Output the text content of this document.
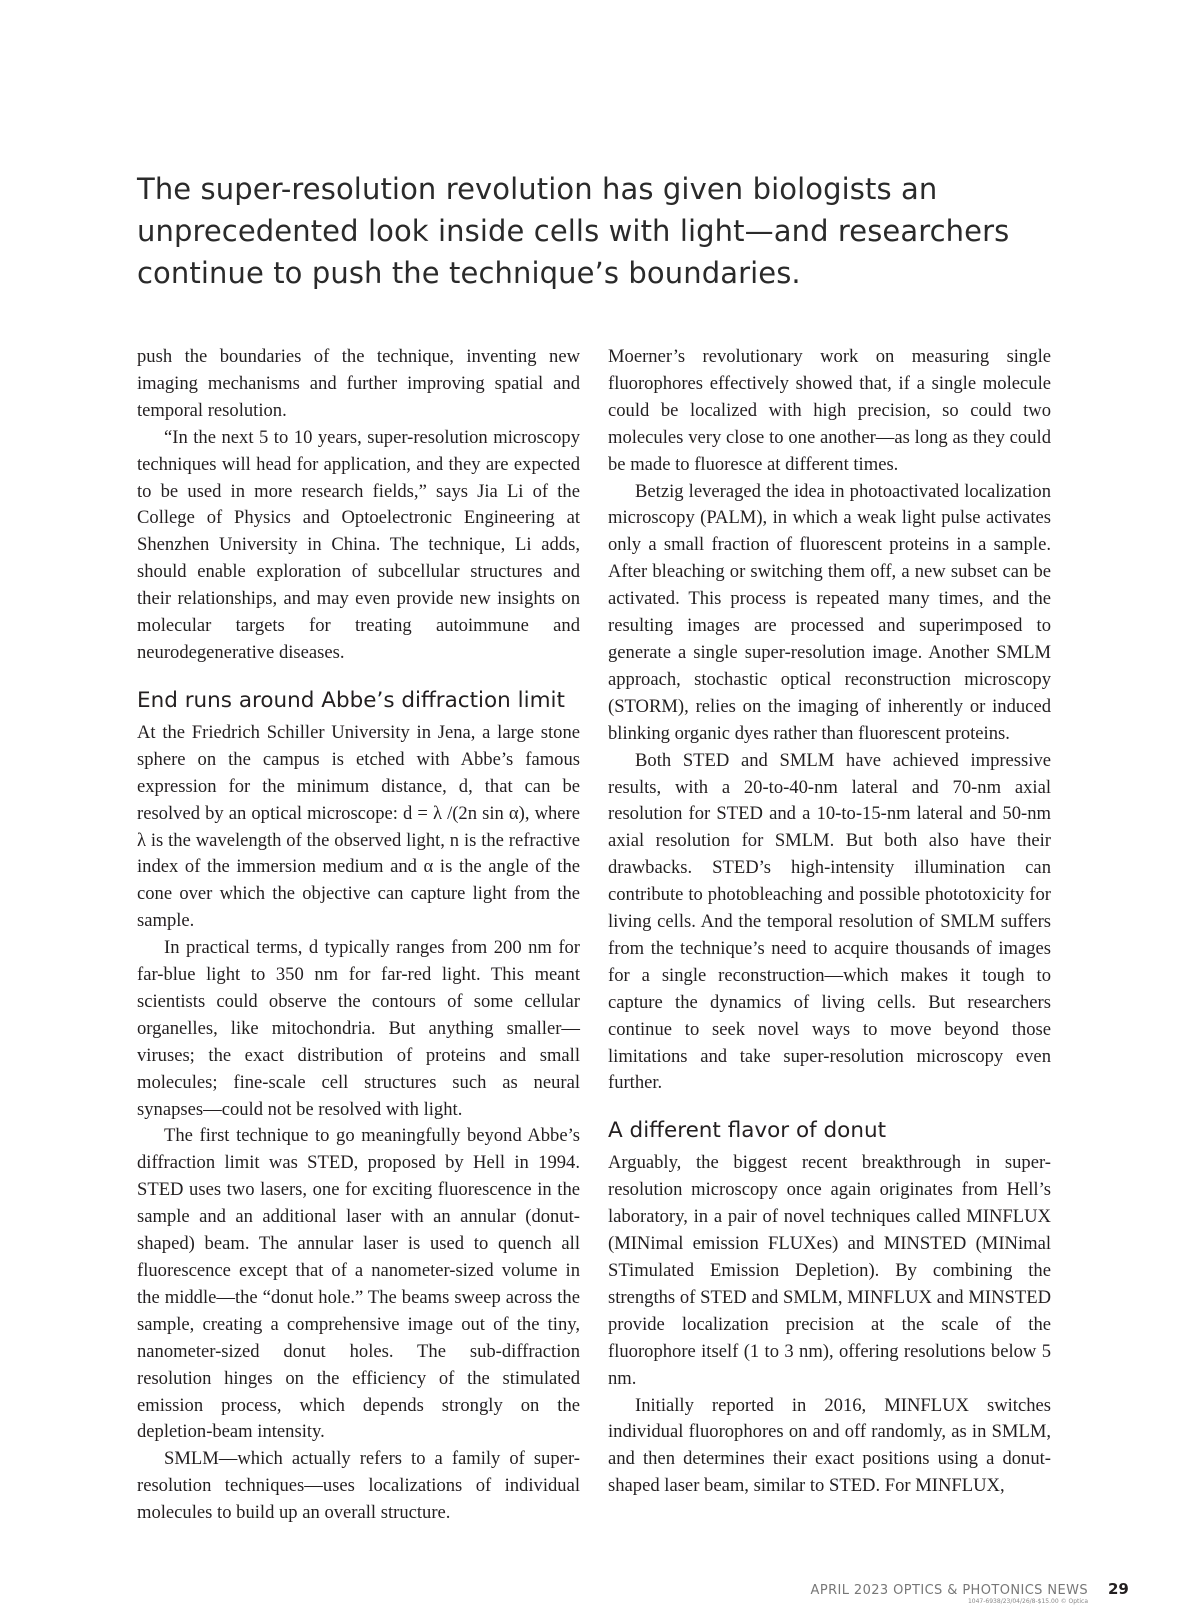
The super-resolution revolution has given biologists an unprecedented look inside cells with light—and researchers continue to push the technique’s boundaries.

push the boundaries of the technique, inventing new imaging mechanisms and further improving spatial and temporal resolution.

“In the next 5 to 10 years, super-resolution microscopy techniques will head for application, and they are expected to be used in more research fields,” says Jia Li of the College of Physics and Optoelectronic Engineering at Shenzhen University in China. The technique, Li adds, should enable exploration of subcellular structures and their relationships, and may even provide new insights on molecular targets for treating autoimmune and neurodegenerative diseases.

End runs around Abbe’s diffraction limit

At the Friedrich Schiller University in Jena, a large stone sphere on the campus is etched with Abbe’s famous expression for the minimum distance, d, that can be resolved by an optical microscope: d = λ /(2n sin α), where λ is the wavelength of the observed light, n is the refractive index of the immersion medium and α is the angle of the cone over which the objective can capture light from the sample.

In practical terms, d typically ranges from 200 nm for far-blue light to 350 nm for far-red light. This meant scientists could observe the contours of some cellular organelles, like mitochondria. But anything smaller—viruses; the exact distribution of proteins and small molecules; fine-scale cell structures such as neural synapses—could not be resolved with light.

The first technique to go meaningfully beyond Abbe’s diffraction limit was STED, proposed by Hell in 1994. STED uses two lasers, one for exciting fluorescence in the sample and an additional laser with an annular (donut-shaped) beam. The annular laser is used to quench all fluorescence except that of a nanometer-sized volume in the middle—the “donut hole.” The beams sweep across the sample, creating a comprehensive image out of the tiny, nanometer-sized donut holes. The sub-diffraction resolution hinges on the efficiency of the stimulated emission process, which depends strongly on the depletion-beam intensity.

SMLM—which actually refers to a family of super-resolution techniques—uses localizations of individual molecules to build up an overall structure.

Moerner’s revolutionary work on measuring single fluorophores effectively showed that, if a single molecule could be localized with high precision, so could two molecules very close to one another—as long as they could be made to fluoresce at different times.

Betzig leveraged the idea in photoactivated localization microscopy (PALM), in which a weak light pulse activates only a small fraction of fluorescent proteins in a sample. After bleaching or switching them off, a new subset can be activated. This process is repeated many times, and the resulting images are processed and superimposed to generate a single super-resolution image. Another SMLM approach, stochastic optical reconstruction microscopy (STORM), relies on the imaging of inherently or induced blinking organic dyes rather than fluorescent proteins.

Both STED and SMLM have achieved impressive results, with a 20-to-40-nm lateral and 70-nm axial resolution for STED and a 10-to-15-nm lateral and 50-nm axial resolution for SMLM. But both also have their drawbacks. STED’s high-intensity illumination can contribute to photobleaching and possible phototoxicity for living cells. And the temporal resolution of SMLM suffers from the technique’s need to acquire thousands of images for a single reconstruction—which makes it tough to capture the dynamics of living cells. But researchers continue to seek novel ways to move beyond those limitations and take super-resolution microscopy even further.

A different flavor of donut

Arguably, the biggest recent breakthrough in super-resolution microscopy once again originates from Hell’s laboratory, in a pair of novel techniques called MINFLUX (MINimal emission FLUXes) and MINSTED (MINimal STimulated Emission Depletion). By combining the strengths of STED and SMLM, MINFLUX and MINSTED provide localization precision at the scale of the fluorophore itself (1 to 3 nm), offering resolutions below 5 nm.

Initially reported in 2016, MINFLUX switches individual fluorophores on and off randomly, as in SMLM, and then determines their exact positions using a donut-shaped laser beam, similar to STED. For MINFLUX,

APRIL 2023 OPTICS & PHOTONICS NEWS 29
1047-6938/23/04/26/8-$15.00 © Optica
